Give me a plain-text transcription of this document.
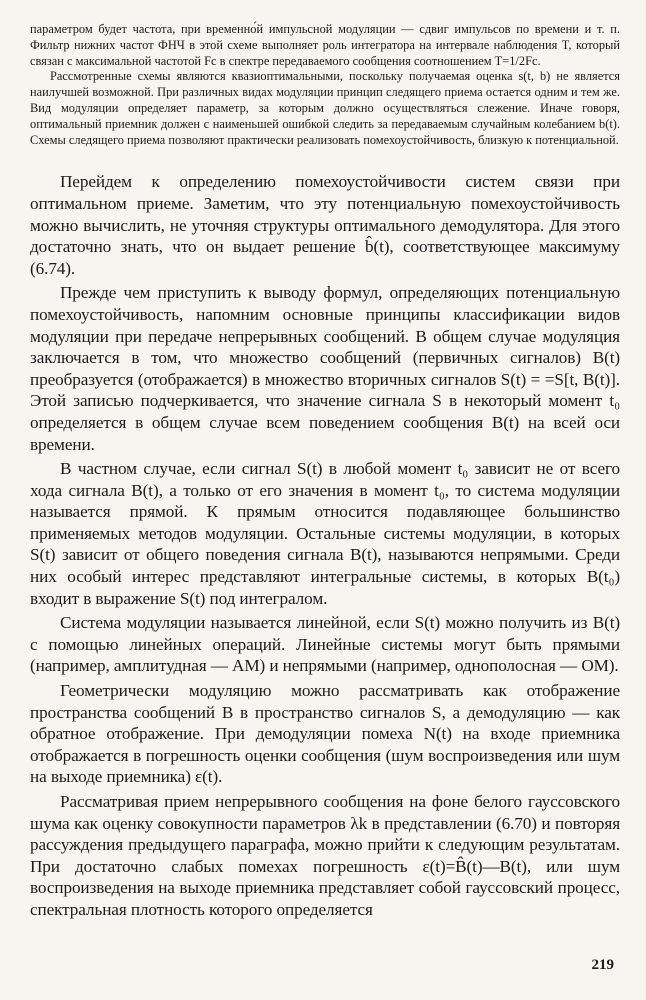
параметром будет частота, при временно́й импульсной модуляции — сдвиг импульсов по времени и т. п. Фильтр нижних частот ФНЧ в этой схеме выполняет роль интегратора на интервале наблюдения T, который связан с максимальной частотой Fc в спектре передаваемого сообщения соотношением T=1/2Fc.

Рассмотренные схемы являются квазиоптимальными, поскольку получаемая оценка s(t, b) не является наилучшей возможной. При различных видах модуляции принцип следящего приема остается одним и тем же. Вид модуляции определяет параметр, за которым должно осуществляться слежение. Иначе говоря, оптимальный приемник должен с наименьшей ошибкой следить за передаваемым случайным колебанием b(t). Схемы следящего приема позволяют практически реализовать помехоустойчивость, близкую к потенциальной.

Перейдем к определению помехоустойчивости систем связи при оптимальном приеме. Заметим, что эту потенциальную помехоустойчивость можно вычислить, не уточняя структуры оптимального демодулятора. Для этого достаточно знать, что он выдает решение b̂(t), соответствующее максимуму (6.74).

Прежде чем приступить к выводу формул, определяющих потенциальную помехоустойчивость, напомним основные принципы классификации видов модуляции при передаче непрерывных сообщений. В общем случае модуляция заключается в том, что множество сообщений (первичных сигналов) B(t) преобразуется (отображается) в множество вторичных сигналов S(t) = =S[t, B(t)]. Этой записью подчеркивается, что значение сигнала S в некоторый момент t₀ определяется в общем случае всем поведением сообщения B(t) на всей оси времени.

В частном случае, если сигнал S(t) в любой момент t₀ зависит не от всего хода сигнала B(t), а только от его значения в момент t₀, то система модуляции называется прямой. К прямым относится подавляющее большинство применяемых методов модуляции. Остальные системы модуляции, в которых S(t) зависит от общего поведения сигнала B(t), называются непрямыми. Среди них особый интерес представляют интегральные системы, в которых B(t₀) входит в выражение S(t) под интегралом.

Система модуляции называется линейной, если S(t) можно получить из B(t) с помощью линейных операций. Линейные системы могут быть прямыми (например, амплитудная — AM) и непрямыми (например, однополосная — OM).

Геометрически модуляцию можно рассматривать как отображение пространства сообщений B в пространство сигналов S, а демодуляцию — как обратное отображение. При демодуляции помеха N(t) на входе приемника отображается в погрешность оценки сообщения (шум воспроизведения или шум на выходе приемника) ε(t).

Рассматривая прием непрерывного сообщения на фоне белого гауссовского шума как оценку совокупности параметров λk в представлении (6.70) и повторяя рассуждения предыдущего параграфа, можно прийти к следующим результатам. При достаточно слабых помехах погрешность ε(t)=B̂(t)—B(t), или шум воспроизведения на выходе приемника представляет собой гауссовский процесс, спектральная плотность которого определяется

219
